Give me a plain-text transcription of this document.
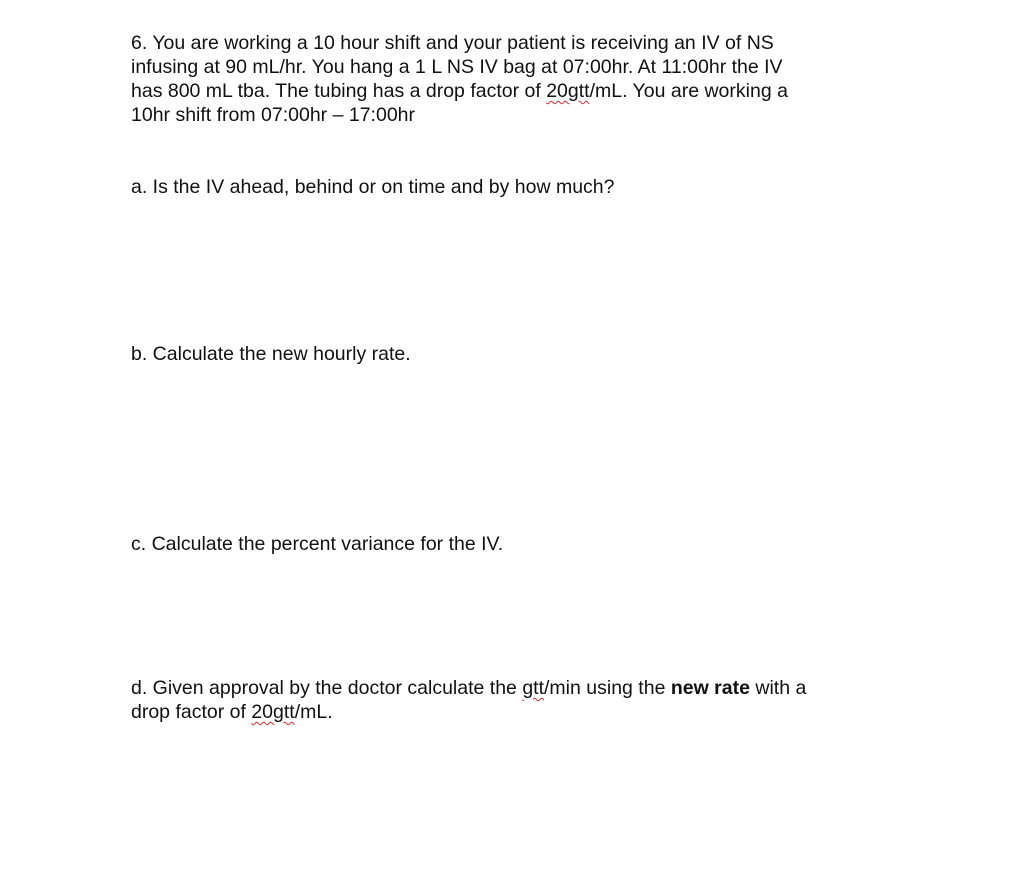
6. You are working a 10 hour shift and your patient is receiving an IV of NS
infusing at 90 mL/hr. You hang a 1 L NS IV bag at 07:00hr. At 11:00hr the IV
has 800 mL tba. The tubing has a drop factor of 20gtt/mL. You are working a
10hr shift from 07:00hr – 17:00hr

a. Is the IV ahead, behind or on time and by how much?

b. Calculate the new hourly rate.

c. Calculate the percent variance for the IV.

d. Given approval by the doctor calculate the gtt/min using the new rate with a
drop factor of 20gtt/mL.
